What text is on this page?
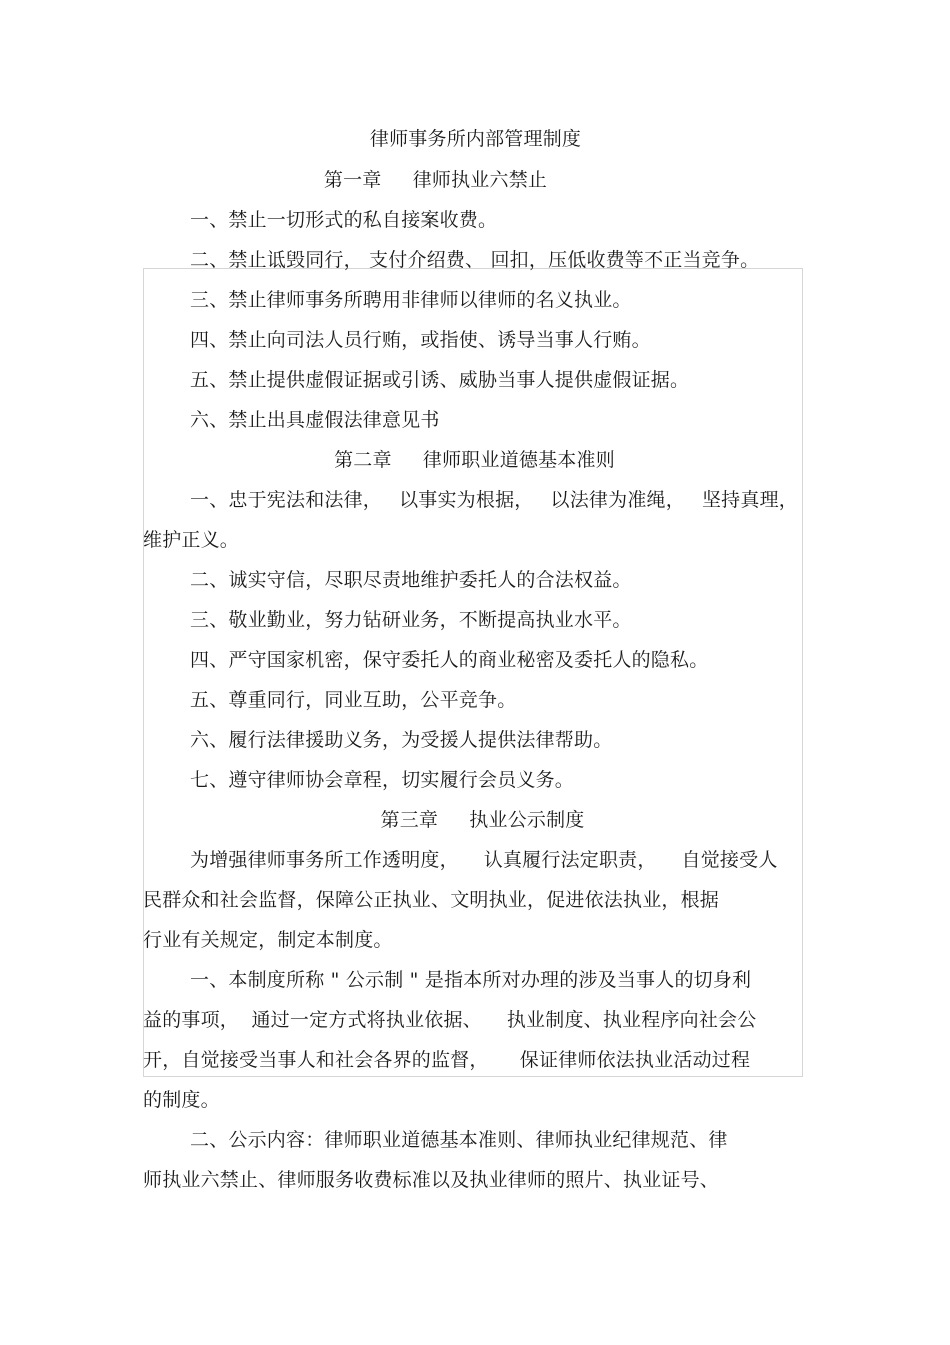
律师事务所内部管理制度
第一章     律师执业六禁止
一、禁止一切形式的私自接案收费。
二、禁止诋毁同行， 支付介绍费、 回扣，压低收费等不正当竞争。
三、禁止律师事务所聘用非律师以律师的名义执业。
四、禁止向司法人员行贿，或指使、诱导当事人行贿。
五、禁止提供虚假证据或引诱、威胁当事人提供虚假证据。
六、禁止出具虚假法律意见书
第二章     律师职业道德基本准则
一、忠于宪法和法律， 以事实为根据， 以法律为准绳， 坚持真理，
维护正义。
二、诚实守信，尽职尽责地维护委托人的合法权益。
三、敬业勤业，努力钻研业务，不断提高执业水平。
四、严守国家机密，保守委托人的商业秘密及委托人的隐私。
五、尊重同行，同业互助，公平竞争。
六、履行法律援助义务，为受援人提供法律帮助。
七、遵守律师协会章程，切实履行会员义务。
第三章     执业公示制度
为增强律师事务所工作透明度，    认真履行法定职责，    自觉接受人
民群众和社会监督，保障公正执业、文明执业，促进依法执业，根据
行业有关规定，制定本制度。
一、本制度所称 " 公示制 " 是指本所对办理的涉及当事人的切身利
益的事项，  通过一定方式将执业依据、    执业制度、执业程序向社会公
开，自觉接受当事人和社会各界的监督，     保证律师依法执业活动过程
的制度。
二、公示内容：律师职业道德基本准则、律师执业纪律规范、律
师执业六禁止、律师服务收费标准以及执业律师的照片、执业证号、
